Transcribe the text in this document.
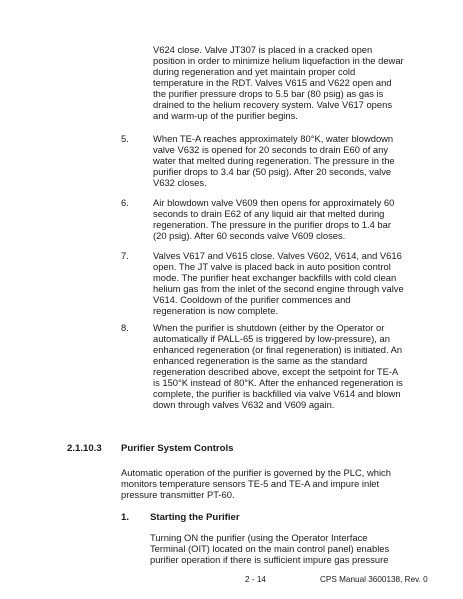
V624 close. Valve JT307 is placed in a cracked open
position in order to minimize helium liquefaction in the dewar
during regeneration and yet maintain proper cold
temperature in the RDT. Valves V615 and V622 open and
the purifier pressure drops to 5.5 bar (80 psig) as gas is
drained to the helium recovery system. Valve V617 opens
and warm-up of the purifier begins.
5.	When TE-A reaches approximately 80°K, water blowdown
valve V632 is opened for 20 seconds to drain E60 of any
water that melted during regeneration. The pressure in the
purifier drops to 3.4 bar (50 psig). After 20 seconds, valve
V632 closes.
6.	Air blowdown valve V609 then opens for approximately 60
seconds to drain E62 of any liquid air that melted during
regeneration. The pressure in the purifier drops to 1.4 bar
(20 psig). After 60 seconds valve V609 closes.
7.	Valves V617 and V615 close. Valves V602, V614, and V616
open. The JT valve is placed back in auto position control
mode. The purifier heat exchanger backfills with cold clean
helium gas from the inlet of the second engine through valve
V614. Cooldown of the purifier commences and
regeneration is now complete.
8.	When the purifier is shutdown (either by the Operator or
automatically if PALL-65 is triggered by low-pressure), an
enhanced regeneration (or final regeneration) is initiated. An
enhanced regeneration is the same as the standard
regeneration described above, except the setpoint for TE-A
is 150°K instead of 80°K. After the enhanced regeneration is
complete, the purifier is backfilled via valve V614 and blown
down through valves V632 and V609 again.
2.1.10.3 Purifier System Controls
Automatic operation of the purifier is governed by the PLC, which
monitors temperature sensors TE-5 and TE-A and impure inlet
pressure transmitter PT-60.
1. Starting the Purifier
Turning ON the purifier (using the Operator Interface
Terminal (OIT) located on the main control panel) enables
purifier operation if there is sufficient impure gas pressure
2 - 14	CPS Manual 3600138, Rev. 0
